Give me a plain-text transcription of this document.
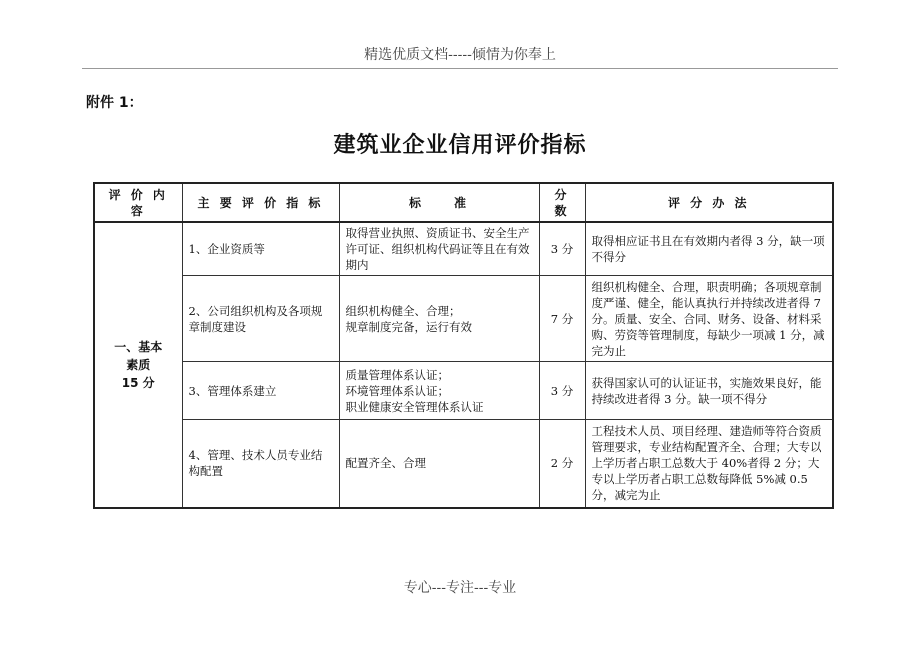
精选优质文档-----倾情为你奉上
附件 1：
建筑业企业信用评价指标
评 价 内 容	主 要 评 价 指 标	标　　准	分　数	评 分 办 法

一、基本
素质
15 分	1、企业资质等	取得营业执照、资质证书、安全生产许可证、组织机构代码证等且在有效期内	3 分	取得相应证书且在有效期内者得 3 分，缺一项不得分
	2、公司组织机构及各项规章制度建设	组织机构健全、合理；
规章制度完备，运行有效	7 分	组织机构健全、合理，职责明确；各项规章制度严谨、健全，能认真执行并持续改进者得 7 分。质量、安全、合同、财务、设备、材料采购、劳资等管理制度，每缺少一项减 1 分，减完为止
	3、管理体系建立	质量管理体系认证；
环境管理体系认证；
职业健康安全管理体系认证	3 分	获得国家认可的认证证书，实施效果良好，能持续改进者得 3 分。缺一项不得分
	4、管理、技术人员专业结构配置	配置齐全、合理	2 分	工程技术人员、项目经理、建造师等符合资质管理要求，专业结构配置齐全、合理；大专以上学历者占职工总数大于 40%者得 2 分；大专以上学历者占职工总数每降低 5%减 0.5 分，减完为止
专心---专注---专业
